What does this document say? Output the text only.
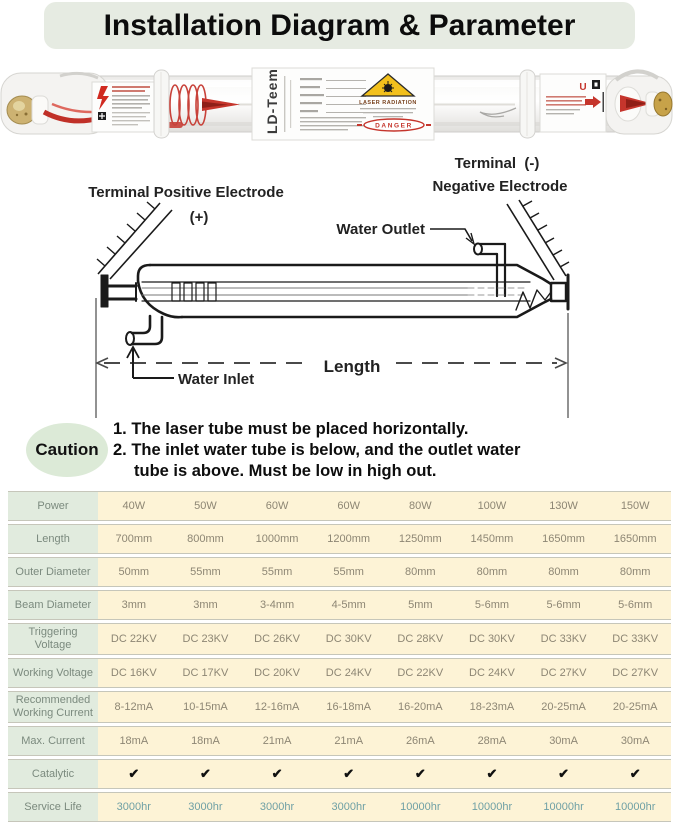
Installation Diagram & Parameter
LD-Teem	LASER RADIATION
DANGER
U
Terminal Positive Electrode
(+)
Terminal  (-)
Negative Electrode
Water Outlet
Water Inlet
Length
Caution
1. The laser tube must be placed horizontally.
2. The inlet water tube is below, and the outlet water
tube is above. Must be low in high out.
Power	40W	50W	60W	60W	80W	100W	130W	150W
Length	700mm	800mm	1000mm	1200mm	1250mm	1450mm	1650mm	1650mm
Outer Diameter	50mm	55mm	55mm	55mm	80mm	80mm	80mm	80mm
Beam Diameter	3mm	3mm	3-4mm	4-5mm	5mm	5-6mm	5-6mm	5-6mm
Triggering Voltage	DC 22KV	DC 23KV	DC 26KV	DC 30KV	DC 28KV	DC 30KV	DC 33KV	DC 33KV
Working Voltage	DC 16KV	DC 17KV	DC 20KV	DC 24KV	DC 22KV	DC 24KV	DC 27KV	DC 27KV
Recommended Working Current	8-12mA	10-15mA	12-16mA	16-18mA	16-20mA	18-23mA	20-25mA	20-25mA
Max. Current	18mA	18mA	21mA	21mA	26mA	28mA	30mA	30mA
Catalytic	✔	✔	✔	✔	✔	✔	✔	✔
Service Life	3000hr	3000hr	3000hr	3000hr	10000hr	10000hr	10000hr	10000hr
